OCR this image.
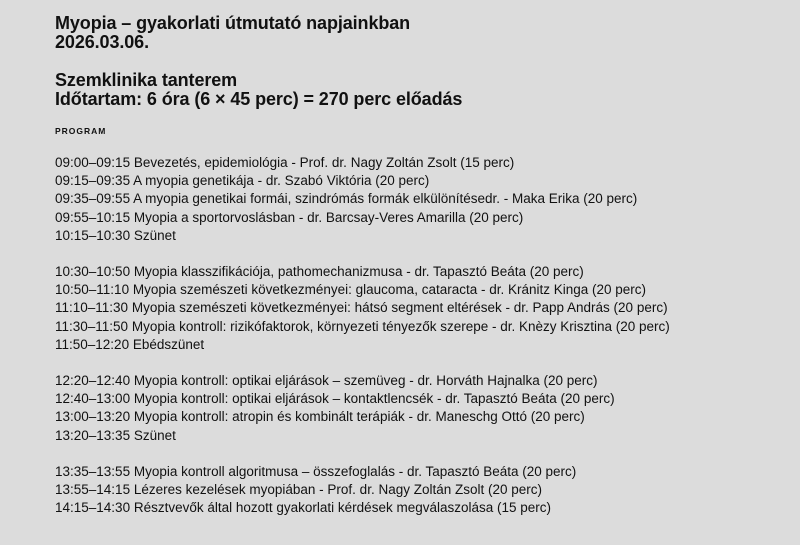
Myopia – gyakorlati útmutató napjainkban
2026.03.06.
Szemklinika tanterem
Időtartam: 6 óra (6 × 45 perc) = 270 perc előadás
PROGRAM
09:00–09:15 Bevezetés, epidemiológia - Prof. dr. Nagy Zoltán Zsolt (15 perc)
09:15–09:35 A myopia genetikája - dr. Szabó Viktória (20 perc)
09:35–09:55 A myopia genetikai formái, szindrómás formák elkülönítésedr. - Maka Erika (20 perc)
09:55–10:15 Myopia a sportorvoslásban - dr. Barcsay-Veres Amarilla (20 perc)
10:15–10:30 Szünet
10:30–10:50 Myopia klasszifikációja, pathomechanizmusa - dr. Tapasztó Beáta (20 perc)
10:50–11:10 Myopia szemészeti következményei: glaucoma, cataracta - dr. Kránitz Kinga (20 perc)
11:10–11:30 Myopia szemészeti következményei: hátsó segment eltérések - dr. Papp András (20 perc)
11:30–11:50 Myopia kontroll: rizikófaktorok, környezeti tényezők szerepe - dr. Knèzy Krisztina (20 perc)
11:50–12:20 Ebédszünet
12:20–12:40 Myopia kontroll: optikai eljárások – szemüveg - dr. Horváth Hajnalka (20 perc)
12:40–13:00 Myopia kontroll: optikai eljárások – kontaktlencsék - dr. Tapasztó Beáta (20 perc)
13:00–13:20 Myopia kontroll: atropin és kombinált terápiák - dr. Maneschg Ottó (20 perc)
13:20–13:35 Szünet
13:35–13:55 Myopia kontroll algoritmusa – összefoglalás - dr. Tapasztó Beáta (20 perc)
13:55–14:15 Lézeres kezelések myopiában - Prof. dr. Nagy Zoltán Zsolt (20 perc)
14:15–14:30 Résztvevők által hozott gyakorlati kérdések megválaszolása (15 perc)
